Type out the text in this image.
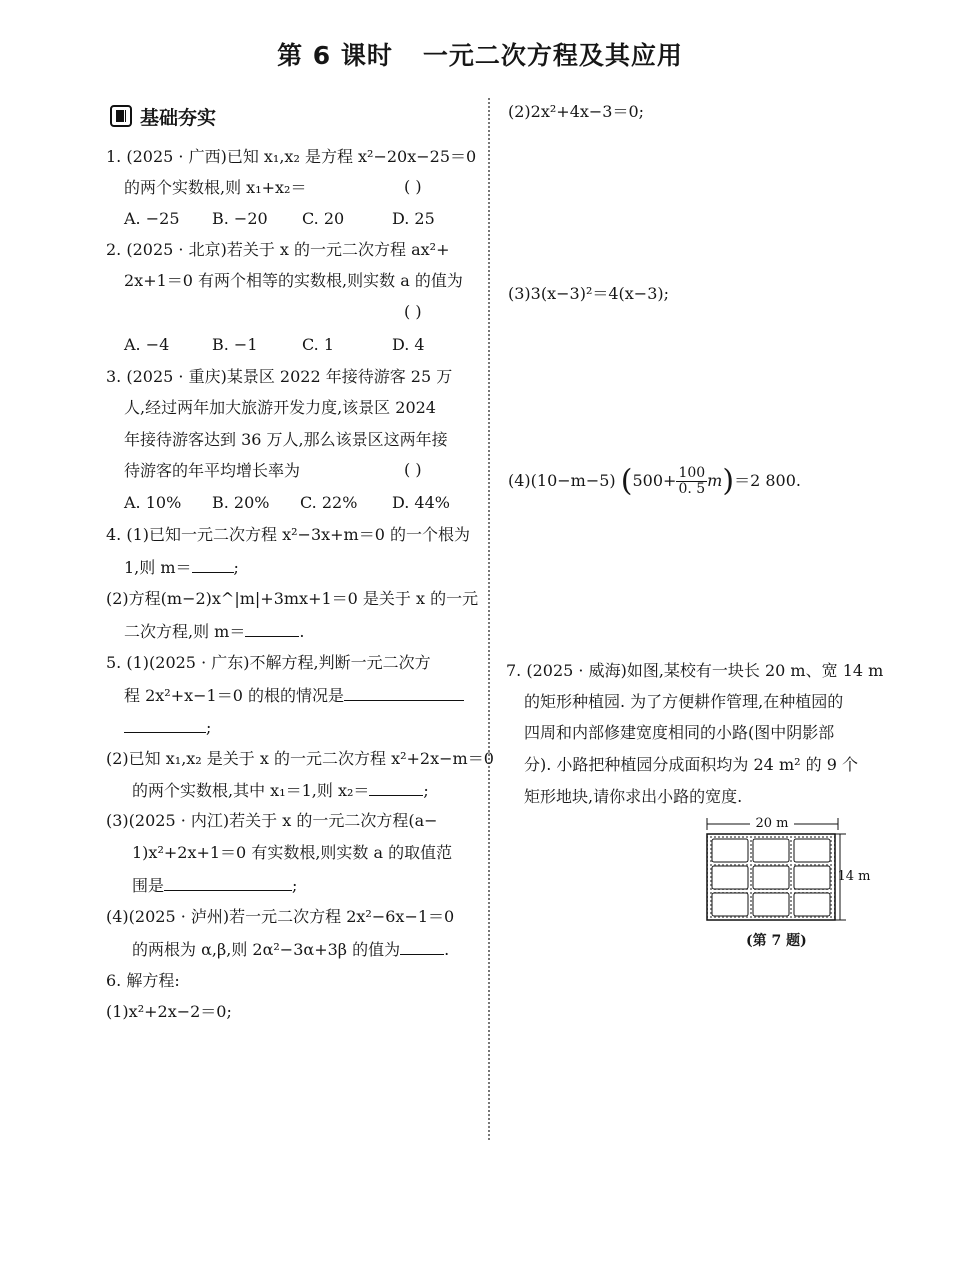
第 6 课时 一元二次方程及其应用
基础夯实
1. (2025 · 广西)已知 x₁,x₂ 是方程 x²−20x−25＝0
的两个实数根,则 x₁+x₂＝	( )
A. −25 B. −20 C. 20	D. 25
2. (2025 · 北京)若关于 x 的一元二次方程 ax²+
2x+1＝0 有两个相等的实数根,则实数 a 的值为
( )
A. −4	B. −1	C. 1	D. 4
3. (2025 · 重庆)某景区 2022 年接待游客 25 万
人,经过两年加大旅游开发力度,该景区 2024
年接待游客达到 36 万人,那么该景区这两年接
待游客的年平均增长率为	( )
A. 10% B. 20% C. 22% D. 44%
4. (1)已知一元二次方程 x²−3x+m＝0 的一个根为
1,则 m＝	;
(2)方程(m−2)x^|m|+3mx+1＝0 是关于 x 的一元
二次方程,则 m＝	.
5. (1)(2025 · 广东)不解方程,判断一元二次方
程 2x²+x−1＝0 的根的情况是
;
(2)已知 x₁,x₂ 是关于 x 的一元二次方程 x²+2x−m＝0
的两个实数根,其中 x₁＝1,则 x₂＝	;
(3)(2025 · 内江)若关于 x 的一元二次方程(a−
1)x²+2x+1＝0 有实数根,则实数 a 的取值范
围是	;
(4)(2025 · 泸州)若一元二次方程 2x²−6x−1＝0
的两根为 α,β,则 2α²−3α+3β 的值为	.
6. 解方程:
(1)x²+2x−2＝0;
(2)2x²+4x−3＝0;
(3)3(x−3)²＝4(x−3);
(4)(10−m−5) $(500+ \frac{100}{0. 5} m)=2$ 800.
7. (2025 · 威海)如图,某校有一块长 20 m、宽 14 m
的矩形种植园. 为了方便耕作管理,在种植园的
四周和内部修建宽度相同的小路(图中阴影部
分). 小路把种植园分成面积均为 24 m² 的 9 个
矩形地块,请你求出小路的宽度.
20 m
14 m
(第 7 题)
